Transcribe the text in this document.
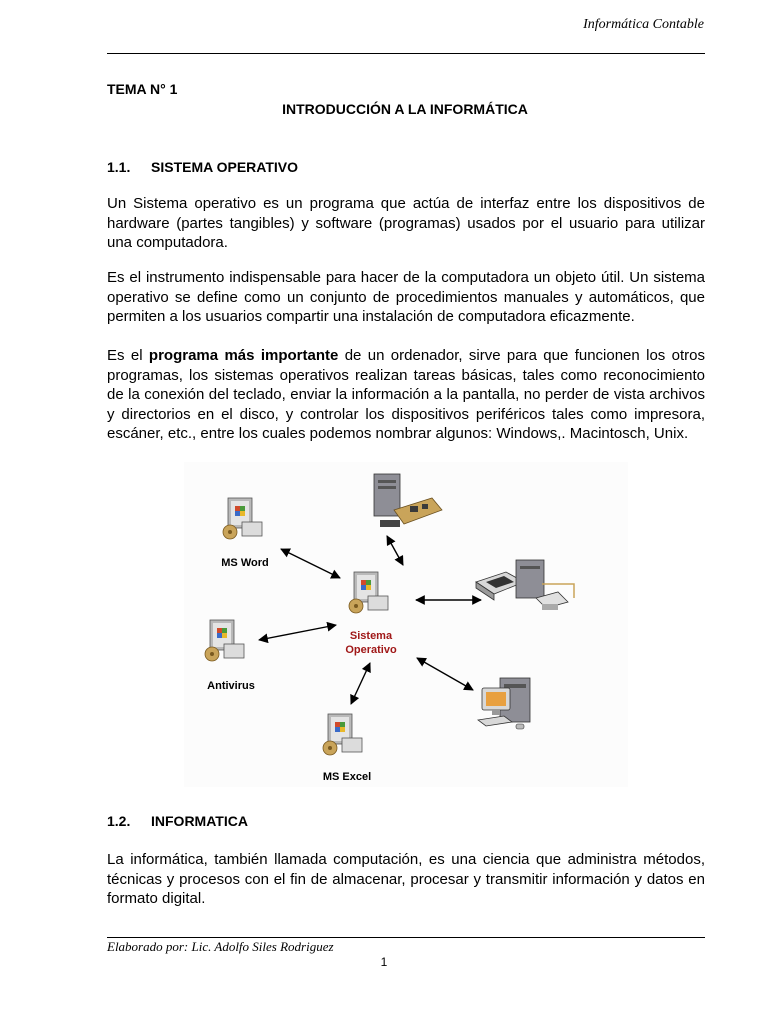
Informática Contable
TEMA N° 1
INTRODUCCIÓN A LA INFORMÁTICA
1.1. SISTEMA OPERATIVO
Un Sistema operativo es un programa que actúa de interfaz entre los dispositivos de hardware (partes tangibles) y software (programas) usados por el usuario para utilizar una computadora.
Es el instrumento indispensable para hacer de la computadora un objeto útil. Un sistema operativo se define como un conjunto de procedimientos manuales y automáticos, que permiten a los usuarios compartir una instalación de computadora eficazmente.
Es el programa más importante de un ordenador, sirve para que funcionen los otros programas, los sistemas operativos realizan tareas básicas, tales como reconocimiento de la conexión del teclado, enviar la información a la pantalla, no perder de vista archivos y directorios en el disco, y controlar los dispositivos periféricos tales como impresora, escáner, etc., entre los cuales podemos nombrar algunos: Windows,. Macintosch, Unix.
MS Word
Antivirus
MS Excel
Sistema
Operativo
1.2. INFORMATICA
La informática, también llamada computación, es una ciencia que administra métodos, técnicas y procesos con el fin de almacenar, procesar y transmitir información y datos en formato digital.
Elaborado por: Lic. Adolfo Siles Rodriguez
1
